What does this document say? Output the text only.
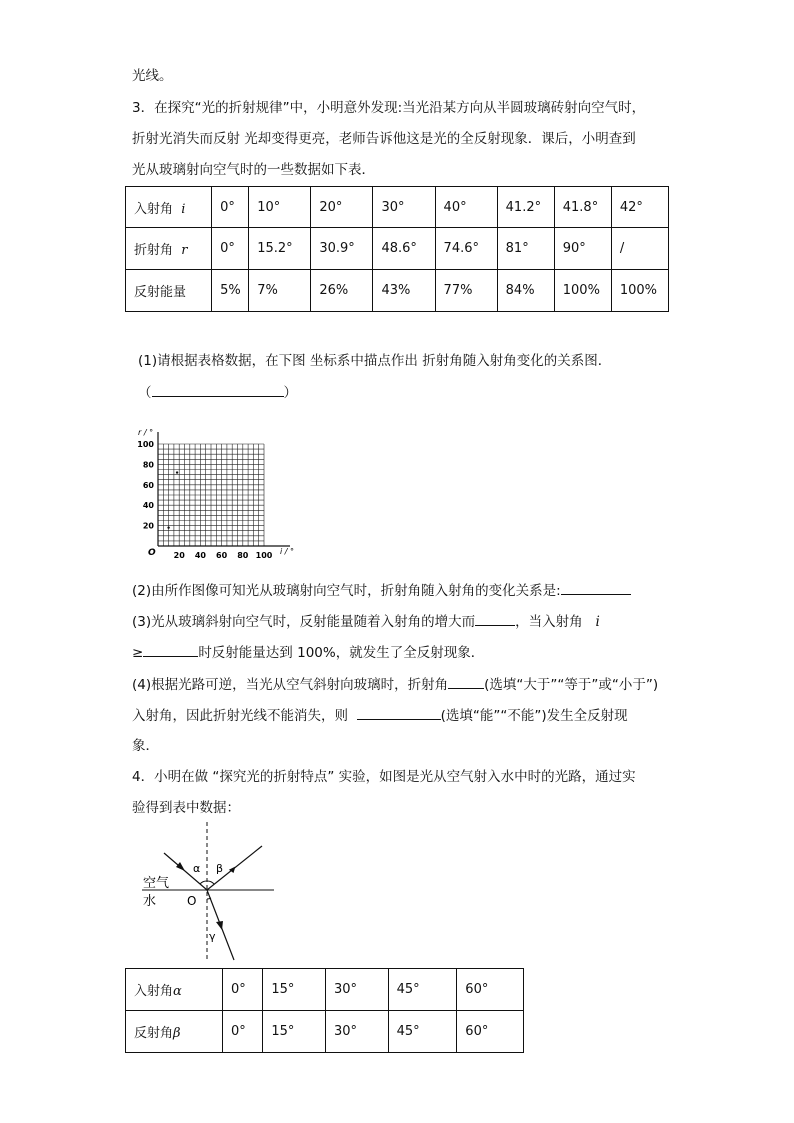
光线。
3．在探究“光的折射规律”中，小明意外发现:当光沿某方向从半圆玻璃砖射向空气时，
折射光消失而反射 光却变得更亮，老师告诉他这是光的全反射现象．课后，小明查到
光从玻璃射向空气时的一些数据如下表．
入射角 i	0°	10°	20°	30°	40°	41.2°	41.8°	42°
折射角 r	0°	15.2°	30.9°	48.6°	74.6°	81°	90°	/
反射能量	5%	7%	26%	43%	77%	84%	100%	100%
(1)请根据表格数据，在下图 坐标系中描点作出 折射角随入射角变化的关系图．
（	）
i / °
r / °
O 20 40 60 80 100
20
40
60
80
100
(2)由所作图像可知光从玻璃射向空气时，折射角随入射角的变化关系是:
(3)光从玻璃斜射向空气时，反射能量随着入射角的增大而	，当入射角 i
≥	时反射能量达到 100%，就发生了全反射现象．
(4)根据光路可逆，当光从空气斜射向玻璃时，折射角	(选填“大于”“等于”或“小于”)
入射角，因此折射光线不能消失，则	(选填“能”“不能”)发生全反射现
象．
4．小明在做 “探究光的折射特点” 实验，如图是光从空气射入水中时的光路，通过实
验得到表中数据：
α β
γ
空气
水	O
入射角α	0°	15°	30°	45°	60°
反射角β	0°	15°	30°	45°	60°
